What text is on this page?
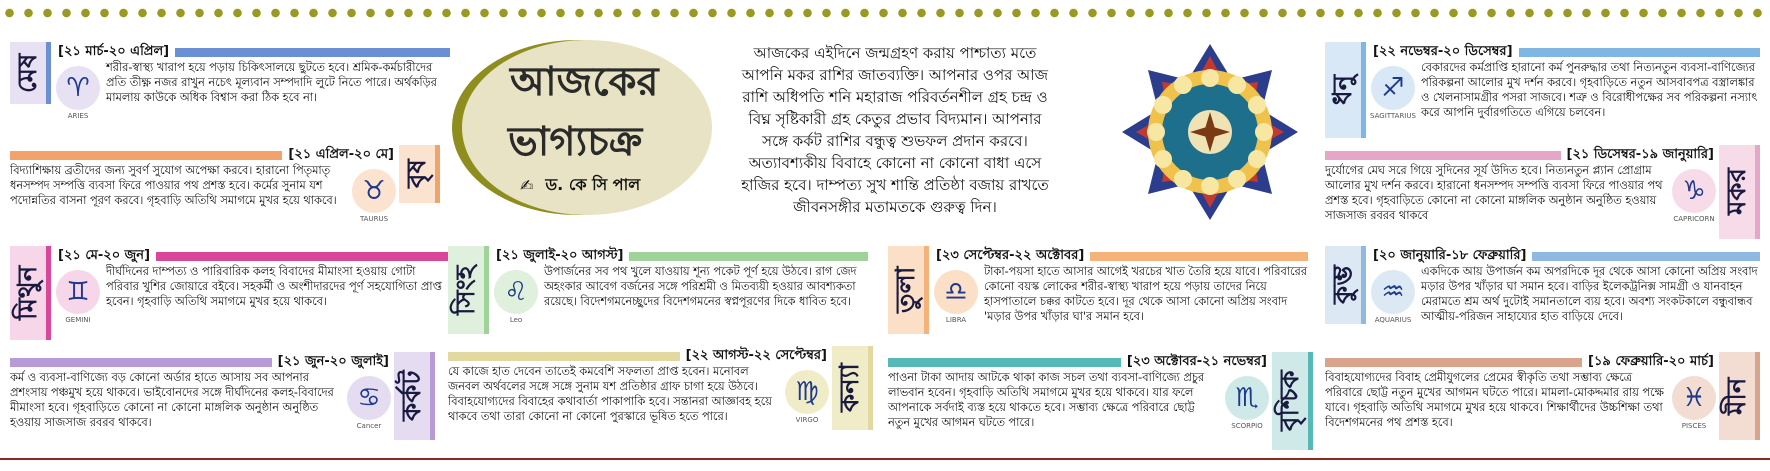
আজকের
ভাগ্যচক্র
✍ ড. কে সি পাল
আজকের এইদিনে জন্মগ্রহণ করায় পাশ্চাত্য মতে আপনি মকর রাশির জাতব্যক্তি। আপনার ওপর আজ রাশি অধিপতি শনি মহারাজ পরিবর্তনশীল গ্রহ চন্দ্র ও বিঘ্ন সৃষ্টিকারী গ্রহ কেতুর প্রভাব বিদ্যমান। আপনার সঙ্গে কর্কট রাশির বন্ধুত্ব শুভফল প্রদান করবে। অত্যাবশ্যকীয় বিবাহে কোনো না কোনো বাধা এসে হাজির হবে। দাম্পত্য সুখ শান্তি প্রতিষ্ঠা বজায় রাখতে জীবনসঙ্গীর মতামতকে গুরুত্ব দিন।
মেষ
[২১ মার্চ-২০ এপ্রিল]
♈
ARIES
শরীর-স্বাস্থ্য খারাপ হয়ে পড়ায় চিকিৎসালয়ে ছুটতে হবে। শ্রমিক-কর্মচারীদের প্রতি তীক্ষ্ণ নজর রাখুন নচেৎ মূল্যবান সম্পদাদি লুটে নিতে পারে। অর্থকড়ির মামলায় কাউকে অধিক বিশ্বাস করা ঠিক হবে না।
বৃষ
[২১ এপ্রিল-২০ মে]
♉
TAURUS
বিদ্যাশিক্ষায় ব্রতীদের জন্য সুবর্ণ সুযোগ অপেক্ষা করবে। হারানো পিতৃমাতৃ ধনসম্পদ সম্পত্তি ব্যবসা ফিরে পাওয়ার পথ প্রশস্ত হবে। কর্মের সুনাম যশ পদোন্নতির বাসনা পূরণ করবে। গৃহবাড়ি অতিথি সমাগমে মুখর হয়ে থাকবে।
মিথুন
[২১ মে-২০ জুন]
♊
GEMINI
দীর্ঘদিনের দাম্পত্য ও পারিবারিক কলহ বিবাদের মীমাংসা হওয়ায় গোটা পরিবার খুশির জোয়ারে বইবে। সহকর্মী ও অংশীদারদের পূর্ণ সহযোগিতা প্রাপ্ত হবেন। গৃহবাড়ি অতিথি সমাগমে মুখর হয়ে থাকবে।
কর্কট
[২১ জুন-২০ জুলাই]
♋
Cancer
কর্ম ও ব্যবসা-বাণিজ্যে বড় কোনো অর্ডার হাতে আসায় সব আপনার প্রশংসায় পঞ্চমুখ হয়ে থাকবে। ভাইবোনদের সঙ্গে দীর্ঘদিনের কলহ-বিবাদের মীমাংসা হবে। গৃহবাড়িতে কোনো না কোনো মাঙ্গলিক অনুষ্ঠান অনুষ্ঠিত হওয়ায় সাজসাজ রবরব থাকবে।
সিংহ
[২১ জুলাই-২০ আগস্ট]
♌
Leo
উপার্জনের সব পথ খুলে যাওয়ায় শূন্য পকেট পূর্ণ হয়ে উঠবে। রাগ জেদ অহংকার আবেগ বর্জনের সঙ্গে পরিশ্রমী ও মিতব্যয়ী হওয়ার আবশ্যকতা রয়েছে। বিদেশগমনেচ্ছুদের বিদেশগমনের স্বপ্নপূরণের দিকে ধাবিত হবে।
কন্যা
[২২ আগস্ট-২২ সেপ্টেম্বর]
♍
VIRGO
যে কাজে হাত দেবেন তাতেই কমবেশি সফলতা প্রাপ্ত হবেন। মনোবল জনবল অর্থবলের সঙ্গে সঙ্গে সুনাম যশ প্রতিষ্ঠার গ্রাফ চাগা হয়ে উঠবে। বিবাহযোগ্যদের বিবাহের কথাবার্তা পাকাপাকি হবে। সন্তানরা আজ্ঞাবহ হয়ে থাকবে তথা তারা কোনো না কোনো পুরস্কারে ভূষিত হতে পারে।
তুলা
[২৩ সেপ্টেম্বর-২২ অক্টোবর]
♎
LIBRA
টাকা-পয়সা হাতে আসার আগেই খরচের খাত তৈরি হয়ে যাবে। পরিবারের কোনো বয়স্ক লোকের শরীর-স্বাস্থ্য খারাপ হয়ে পড়ায় তাদের নিয়ে হাসপাতালে চক্কর কাটতে হবে। দূর থেকে আসা কোনো অপ্রিয় সংবাদ 'মড়ার উপর খাঁড়ার ঘা'র সমান হবে।
বৃশ্চিক
[২৩ অক্টোবর-২১ নভেম্বর]
♏
SCORPIO
পাওনা টাকা আদায় আটকে থাকা কাজ সচল তথা ব্যবসা-বাণিজ্যে প্রচুর লাভবান হবেন। গৃহবাড়ি অতিথি সমাগমে মুখর হয়ে থাকবে। যার ফলে আপনাকে সর্বদাই ব্যস্ত হয়ে থাকতে হবে। সম্ভাব্য ক্ষেত্রে পরিবারে ছোট্ট নতুন মুখের আগমন ঘটতে পারে।
ধনু
[২২ নভেম্বর-২০ ডিসেম্বর]
♐
SAGITTARIUS
বেকারদের কর্মপ্রাপ্তি হারানো কর্ম পুনরুদ্ধার তথা নিত্যনতুন ব্যবসা-বাণিজ্যের পরিকল্পনা আলোর মুখ দর্শন করবে। গৃহবাড়িতে নতুন আসবাবপত্র বস্ত্রালঙ্কার ও খেলনাসামগ্রীর পসরা সাজবে। শত্রু ও বিরোধীপক্ষের সব পরিকল্পনা নস্যাৎ করে আপনি দুর্বারগতিতে এগিয়ে চলবেন।
মকর
[২১ ডিসেম্বর-১৯ জানুয়ারি]
♑
CAPRICORN
দুর্যোগের মেঘ সরে গিয়ে সুদিনের সূর্য উদিত হবে। নিত্যনতুন প্ল্যান প্রোগ্রাম আলোর মুখ দর্শন করবে। হারানো ধনসম্পদ সম্পত্তি ব্যবসা ফিরে পাওয়ার পথ প্রশস্ত হবে। গৃহবাড়িতে কোনো না কোনো মাঙ্গলিক অনুষ্ঠান অনুষ্ঠিত হওয়ায় সাজসাজ রবরব থাকবে
কুম্ভ
[২০ জানুয়ারি-১৮ ফেব্রুয়ারি]
♒
AQUARIUS
একদিকে আয় উপার্জন কম অপরদিকে দূর থেকে আসা কোনো অপ্রিয় সংবাদ মড়ার উপর খাঁড়ার ঘা সমান হবে। বাড়ির ইলেকট্রনিক্স সামগ্রী ও যানবাহন মেরামতে শ্রম অর্থ দুটোই সমানতালে ব্যয় হবে। অবশ্য সংকটকালে বন্ধুবান্ধব আত্মীয়-পরিজন সাহায্যের হাত বাড়িয়ে দেবে।
মীন
[১৯ ফেব্রুয়ারি-২০ মার্চ]
♓
PISCES
বিবাহযোগ্যদের বিবাহ প্রেমীযুগলের প্রেমের স্বীকৃতি তথা সম্ভাব্য ক্ষেত্রে পরিবারে ছোট্ট নতুন মুখের আগমন ঘটতে পারে। মামলা-মোকদ্দমার রায় পক্ষে যাবে। গৃহবাড়ি অতিথি সমাগমে মুখর হয়ে থাকবে। শিক্ষার্থীদের উচ্চশিক্ষা তথা বিদেশগমনের পথ প্রশস্ত হবে।
